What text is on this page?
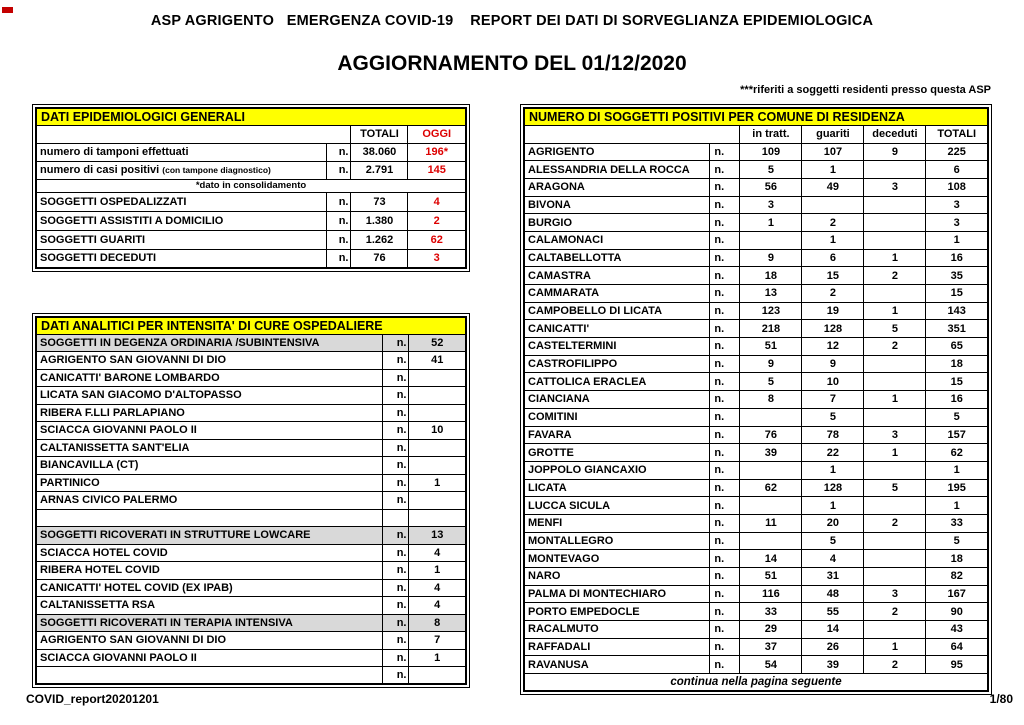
ASP AGRIGENTO   EMERGENZA COVID-19    REPORT DEI DATI DI SORVEGLIANZA EPIDEMIOLOGICA
AGGIORNAMENTO DEL 01/12/2020
***riferiti a soggetti residenti presso questa ASP
DATI EPIDEMIOLOGICI GENERALI			
		TOTALI	OGGI
numero di tamponi effettuati	n.	38.060	196*
numero di casi positivi (con tampone diagnostico)	n.	2.791	145
*dato in consolidamento			
SOGGETTI OSPEDALIZZATI	n.	73	4
SOGGETTI ASSISTITI A DOMICILIO	n.	1.380	2
SOGGETTI GUARITI	n.	1.262	62
SOGGETTI DECEDUTI	n.	76	3
DATI ANALITICI PER INTENSITA' DI CURE OSPEDALIERE		
SOGGETTI IN DEGENZA ORDINARIA /SUBINTENSIVA	n.	52
AGRIGENTO SAN GIOVANNI DI DIO	n.	41
CANICATTI' BARONE LOMBARDO	n.	
LICATA SAN GIACOMO D'ALTOPASSO	n.	
RIBERA F.LLI PARLAPIANO	n.	
SCIACCA GIOVANNI PAOLO II	n.	10
CALTANISSETTA SANT'ELIA	n.	
BIANCAVILLA (CT)	n.	
PARTINICO	n.	1
ARNAS CIVICO PALERMO	n.	

SOGGETTI RICOVERATI IN STRUTTURE LOWCARE	n.	13
SCIACCA HOTEL COVID	n.	4
RIBERA HOTEL COVID	n.	1
CANICATTI' HOTEL COVID (EX IPAB)	n.	4
CALTANISSETTA RSA	n.	4
SOGGETTI RICOVERATI IN TERAPIA INTENSIVA	n.	8
AGRIGENTO SAN GIOVANNI DI DIO	n.	7
SCIACCA GIOVANNI PAOLO II	n.	1
	n.	
NUMERO DI SOGGETTI POSITIVI PER COMUNE DI RESIDENZA					
		in tratt.	guariti	deceduti	TOTALI
AGRIGENTO	n.	109	107	9	225
ALESSANDRIA DELLA ROCCA	n.	5	1		6
ARAGONA	n.	56	49	3	108
BIVONA	n.	3			3
BURGIO	n.	1	2		3
CALAMONACI	n.		1		1
CALTABELLOTTA	n.	9	6	1	16
CAMASTRA	n.	18	15	2	35
CAMMARATA	n.	13	2		15
CAMPOBELLO DI LICATA	n.	123	19	1	143
CANICATTI'	n.	218	128	5	351
CASTELTERMINI	n.	51	12	2	65
CASTROFILIPPO	n.	9	9		18
CATTOLICA ERACLEA	n.	5	10		15
CIANCIANA	n.	8	7	1	16
COMITINI	n.		5		5
FAVARA	n.	76	78	3	157
GROTTE	n.	39	22	1	62
JOPPOLO GIANCAXIO	n.		1		1
LICATA	n.	62	128	5	195
LUCCA SICULA	n.		1		1
MENFI	n.	11	20	2	33
MONTALLEGRO	n.		5		5
MONTEVAGO	n.	14	4		18
NARO	n.	51	31		82
PALMA DI MONTECHIARO	n.	116	48	3	167
PORTO EMPEDOCLE	n.	33	55	2	90
RACALMUTO	n.	29	14		43
RAFFADALI	n.	37	26	1	64
RAVANUSA	n.	54	39	2	95
continua nella pagina seguente					
COVID_report20201201	1/80
